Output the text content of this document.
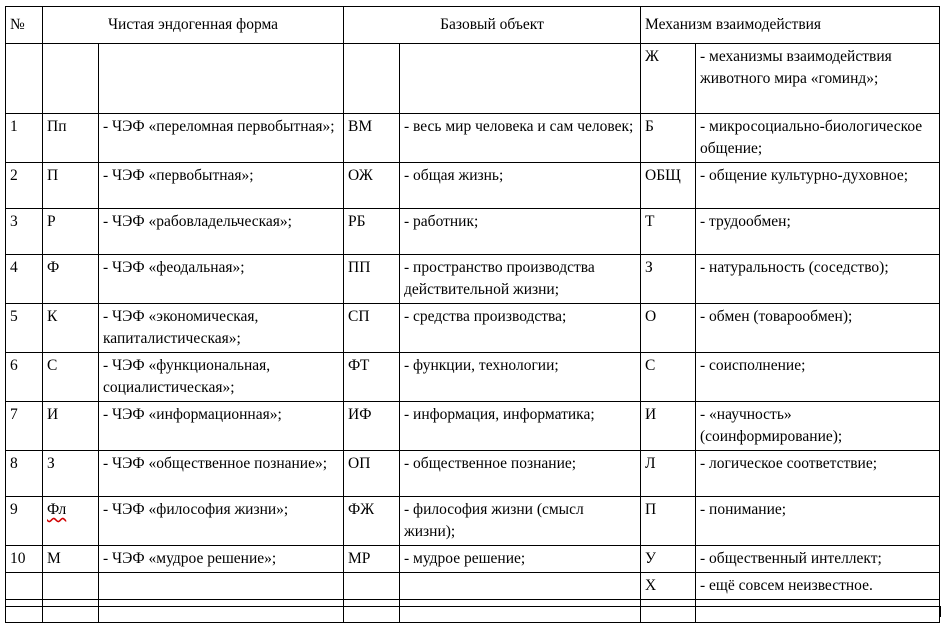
№	Чистая эндогенная форма		Базовый объект		Механизм взаимодействия	
					Ж	- механизмы взаимодействия животного мира «гоминд»;
1	Пп	- ЧЭФ «переломная первобытная»;	ВМ	- весь мир человека и сам человек;	Б	- микросоциально-биологическое общение;
2	П	- ЧЭФ «первобытная»;	ОЖ	- общая жизнь;	ОБЩ	- общение культурно-духовное;
3	Р	- ЧЭФ «рабовладельческая»;	РБ	- работник;	Т	- трудообмен;
4	Ф	- ЧЭФ «феодальная»;	ПП	- пространство производства действительной жизни;	З	- натуральность (соседство);
5	К	- ЧЭФ «экономическая, капиталистическая»;	СП	- средства производства;	О	- обмен (товарообмен);
6	С	- ЧЭФ «функциональная, социалистическая»;	ФТ	- функции, технологии;	С	- соисполнение;
7	И	- ЧЭФ «информационная»;	ИФ	- информация, информатика;	И	- «научность» (соинформирование);
8	З	- ЧЭФ «общественное познание»;	ОП	- общественное познание;	Л	- логическое соответствие;
9	Фл	- ЧЭФ «философия жизни»;	ФЖ	- философия жизни (смысл жизни);	П	- понимание;
10	М	- ЧЭФ «мудрое решение»;	МР	- мудрое решение;	У	- общественный интеллект;
					Х	- ещё совсем неизвестное.
